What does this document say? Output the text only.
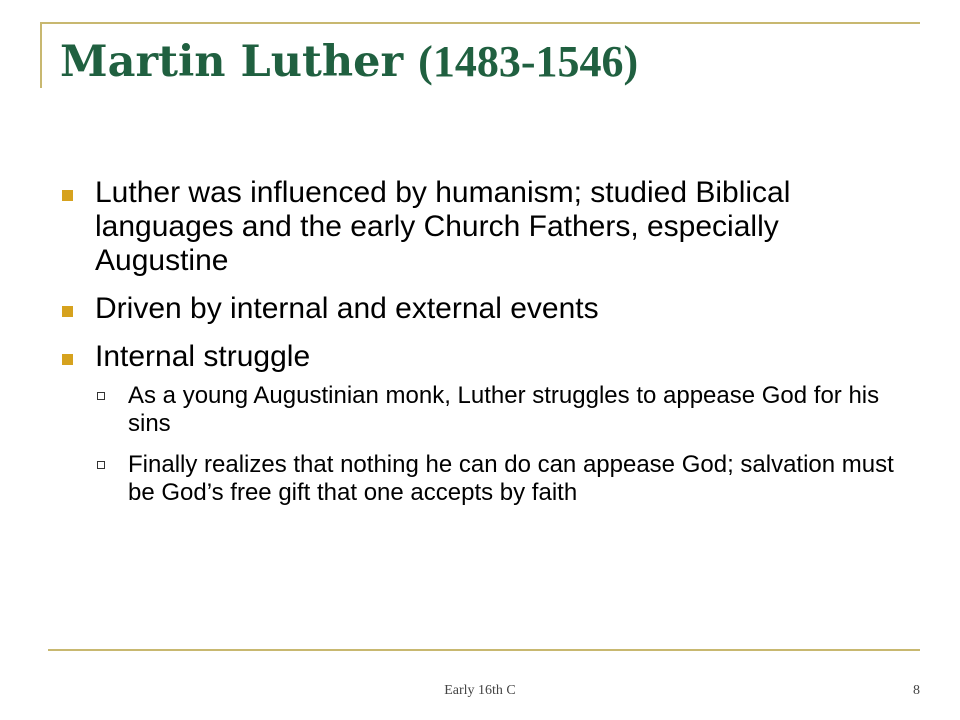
Martin Luther (1483-1546)
Luther was influenced by humanism; studied Biblical languages and the early Church Fathers, especially Augustine
Driven by internal and external events
Internal struggle
As a young Augustinian monk, Luther struggles to appease God for his sins
Finally realizes that nothing he can do can appease God; salvation must be God’s free gift that one accepts by faith
Early 16th C	8
